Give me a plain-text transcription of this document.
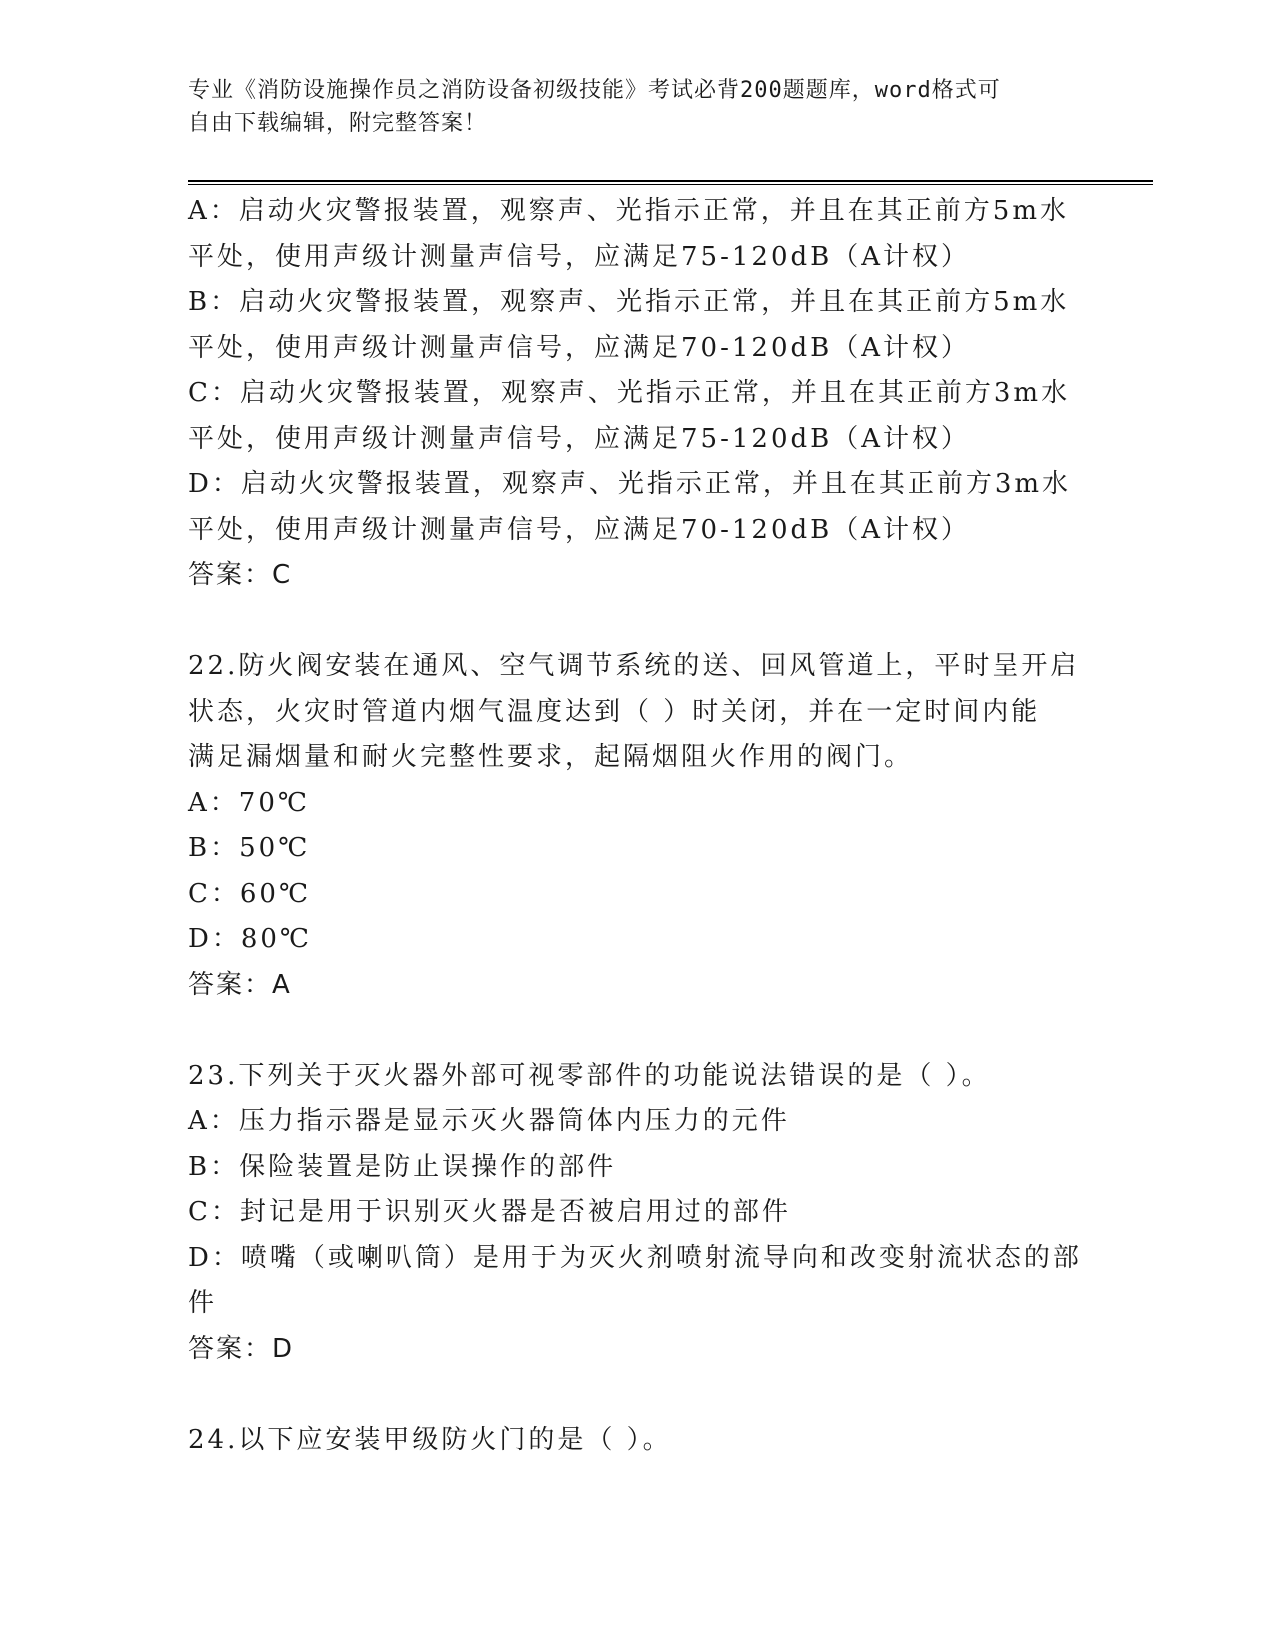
专业《消防设施操作员之消防设备初级技能》考试必背200题题库，word格式可
自由下载编辑，附完整答案！
A：启动火灾警报装置，观察声、光指示正常，并且在其正前方5m水
平处，使用声级计测量声信号，应满足75-120dB（A计权）
B：启动火灾警报装置，观察声、光指示正常，并且在其正前方5m水
平处，使用声级计测量声信号，应满足70-120dB（A计权）
C：启动火灾警报装置，观察声、光指示正常，并且在其正前方3m水
平处，使用声级计测量声信号，应满足75-120dB（A计权）
D：启动火灾警报装置，观察声、光指示正常，并且在其正前方3m水
平处，使用声级计测量声信号，应满足70-120dB（A计权）
答案：C
22.防火阀安装在通风、空气调节系统的送、回风管道上，平时呈开启
状态，火灾时管道内烟气温度达到（ ）时关闭，并在一定时间内能
满足漏烟量和耐火完整性要求，起隔烟阻火作用的阀门。
A：70℃
B：50℃
C：60℃
D：80℃
答案：A
23.下列关于灭火器外部可视零部件的功能说法错误的是（ ）。
A：压力指示器是显示灭火器筒体内压力的元件
B：保险装置是防止误操作的部件
C：封记是用于识别灭火器是否被启用过的部件
D：喷嘴（或喇叭筒）是用于为灭火剂喷射流导向和改变射流状态的部
件
答案：D
24.以下应安装甲级防火门的是（ ）。
